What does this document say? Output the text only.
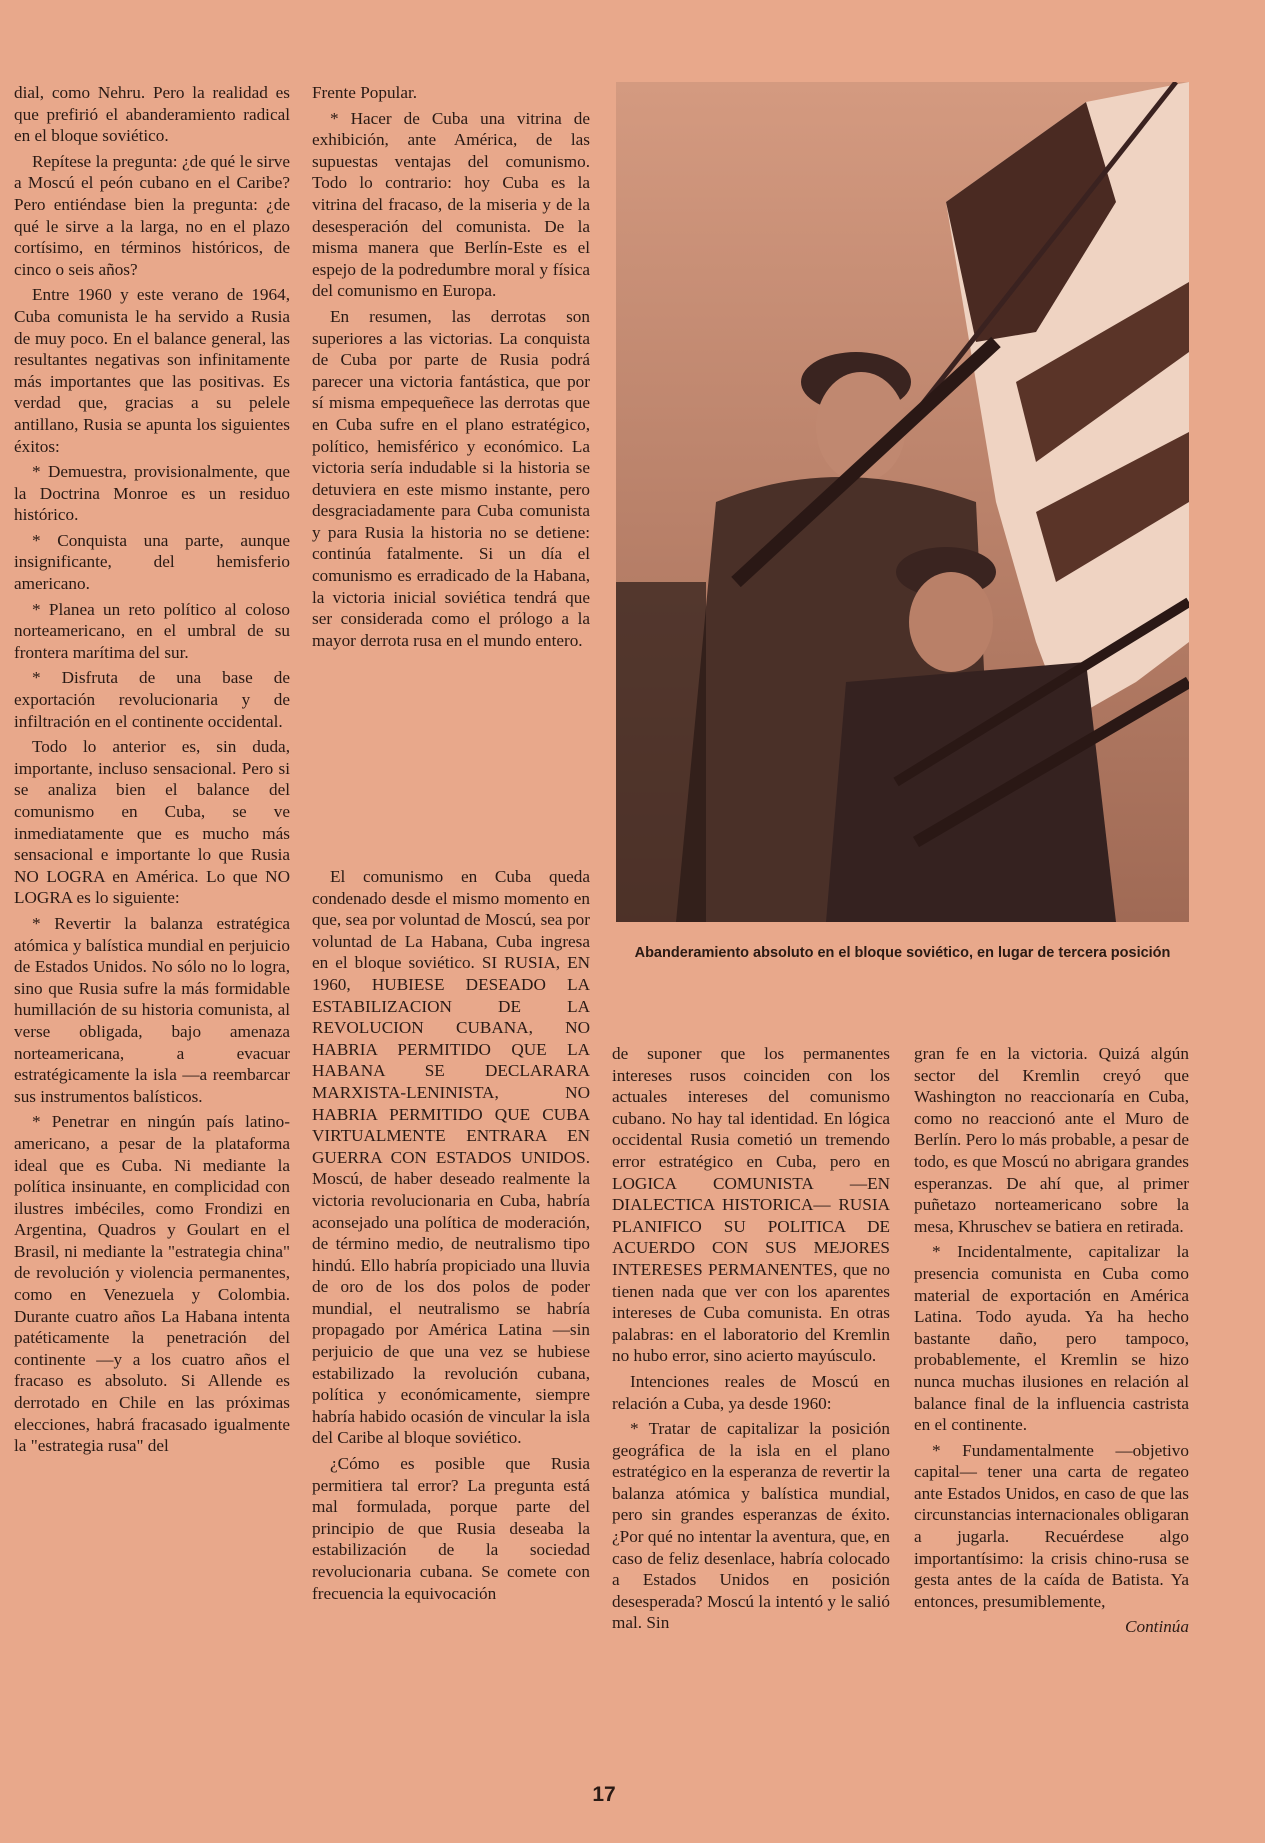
dial, como Nehru. Pero la realidad es que prefirió el abanderamiento radical en el bloque soviético.

Repítese la pregunta: ¿de qué le sirve a Moscú el peón cubano en el Caribe? Pero entiéndase bien la pregunta: ¿de qué le sirve a la larga, no en el plazo cortísimo, en términos históricos, de cinco o seis años?

Entre 1960 y este verano de 1964, Cuba comunista le ha servido a Rusia de muy poco. En el balance general, las resultantes negativas son infinitamente más importantes que las positivas. Es verdad que, gracias a su pelele antillano, Rusia se apunta los siguientes éxitos:

* Demuestra, provisionalmente, que la Doctrina Monroe es un residuo histórico.

* Conquista una parte, aunque insignificante, del hemisferio americano.

* Planea un reto político al coloso norteamericano, en el umbral de su frontera marítima del sur.

* Disfruta de una base de exportación revolucionaria y de infiltración en el continente occidental.

Todo lo anterior es, sin duda, importante, incluso sensacional. Pero si se analiza bien el balance del comunismo en Cuba, se ve inmediatamente que es mucho más sensacional e importante lo que Rusia NO LOGRA en América. Lo que NO LOGRA es lo siguiente:

* Revertir la balanza estratégica atómica y balística mundial en perjuicio de Estados Unidos. No sólo no lo logra, sino que Rusia sufre la más formidable humillación de su historia comunista, al verse obligada, bajo amenaza norteamericana, a evacuar estratégicamente la isla —a reembarcar sus instrumentos balísticos.

* Penetrar en ningún país latino-americano, a pesar de la plataforma ideal que es Cuba. Ni mediante la política insinuante, en complicidad con ilustres imbéciles, como Frondizi en Argentina, Quadros y Goulart en el Brasil, ni mediante la "estrategia china" de revolución y violencia permanentes, como en Venezuela y Colombia. Durante cuatro años La Habana intenta patéticamente la penetración del continente —y a los cuatro años el fracaso es absoluto. Si Allende es derrotado en Chile en las próximas elecciones, habrá fracasado igualmente la "estrategia rusa" del

Frente Popular.

* Hacer de Cuba una vitrina de exhibición, ante América, de las supuestas ventajas del comunismo. Todo lo contrario: hoy Cuba es la vitrina del fracaso, de la miseria y de la desesperación del comunista. De la misma manera que Berlín-Este es el espejo de la podredumbre moral y física del comunismo en Europa.

En resumen, las derrotas son superiores a las victorias. La conquista de Cuba por parte de Rusia podrá parecer una victoria fantástica, que por sí misma empequeñece las derrotas que en Cuba sufre en el plano estratégico, político, hemisférico y económico. La victoria sería indudable si la historia se detuviera en este mismo instante, pero desgraciadamente para Cuba comunista y para Rusia la historia no se detiene: continúa fatalmente. Si un día el comunismo es erradicado de la Habana, la victoria inicial soviética tendrá que ser considerada como el prólogo a la mayor derrota rusa en el mundo entero.

El comunismo en Cuba queda condenado desde el mismo momento en que, sea por voluntad de Moscú, sea por voluntad de La Habana, Cuba ingresa en el bloque soviético. SI RUSIA, EN 1960, HUBIESE DESEADO LA ESTABILIZACION DE LA REVOLUCION CUBANA, NO HABRIA PERMITIDO QUE LA HABANA SE DECLARARA MARXISTA-LENINISTA, NO HABRIA PERMITIDO QUE CUBA VIRTUALMENTE ENTRARA EN GUERRA CON ESTADOS UNIDOS. Moscú, de haber deseado realmente la victoria revolucionaria en Cuba, habría aconsejado una política de moderación, de término medio, de neutralismo tipo hindú. Ello habría propiciado una lluvia de oro de los dos polos de poder mundial, el neutralismo se habría propagado por América Latina —sin perjuicio de que una vez se hubiese estabilizado la revolución cubana, política y económicamente, siempre habría habido ocasión de vincular la isla del Caribe al bloque soviético.

¿Cómo es posible que Rusia permitiera tal error? La pregunta está mal formulada, porque parte del principio de que Rusia deseaba la estabilización de la sociedad revolucionaria cubana. Se comete con frecuencia la equivocación

Abanderamiento absoluto en el bloque soviético, en lugar de tercera posición

de suponer que los permanentes intereses rusos coinciden con los actuales intereses del comunismo cubano. No hay tal identidad. En lógica occidental Rusia cometió un tremendo error estratégico en Cuba, pero en LOGICA COMUNISTA —EN DIALECTICA HISTORICA— RUSIA PLANIFICO SU POLITICA DE ACUERDO CON SUS MEJORES INTERESES PERMANENTES, que no tienen nada que ver con los aparentes intereses de Cuba comunista. En otras palabras: en el laboratorio del Kremlin no hubo error, sino acierto mayúsculo.

Intenciones reales de Moscú en relación a Cuba, ya desde 1960:

* Tratar de capitalizar la posición geográfica de la isla en el plano estratégico en la esperanza de revertir la balanza atómica y balística mundial, pero sin grandes esperanzas de éxito. ¿Por qué no intentar la aventura, que, en caso de feliz desenlace, habría colocado a Estados Unidos en posición desesperada? Moscú la intentó y le salió mal. Sin

gran fe en la victoria. Quizá algún sector del Kremlin creyó que Washington no reaccionaría en Cuba, como no reaccionó ante el Muro de Berlín. Pero lo más probable, a pesar de todo, es que Moscú no abrigara grandes esperanzas. De ahí que, al primer puñetazo norteamericano sobre la mesa, Khruschev se batiera en retirada.

* Incidentalmente, capitalizar la presencia comunista en Cuba como material de exportación en América Latina. Todo ayuda. Ya ha hecho bastante daño, pero tampoco, probablemente, el Kremlin se hizo nunca muchas ilusiones en relación al balance final de la influencia castrista en el continente.

* Fundamentalmente —objetivo capital— tener una carta de regateo ante Estados Unidos, en caso de que las circunstancias internacionales obligaran a jugarla. Recuérdese algo importantísimo: la crisis chino-rusa se gesta antes de la caída de Batista. Ya entonces, presumiblemente,

Continúa
17
